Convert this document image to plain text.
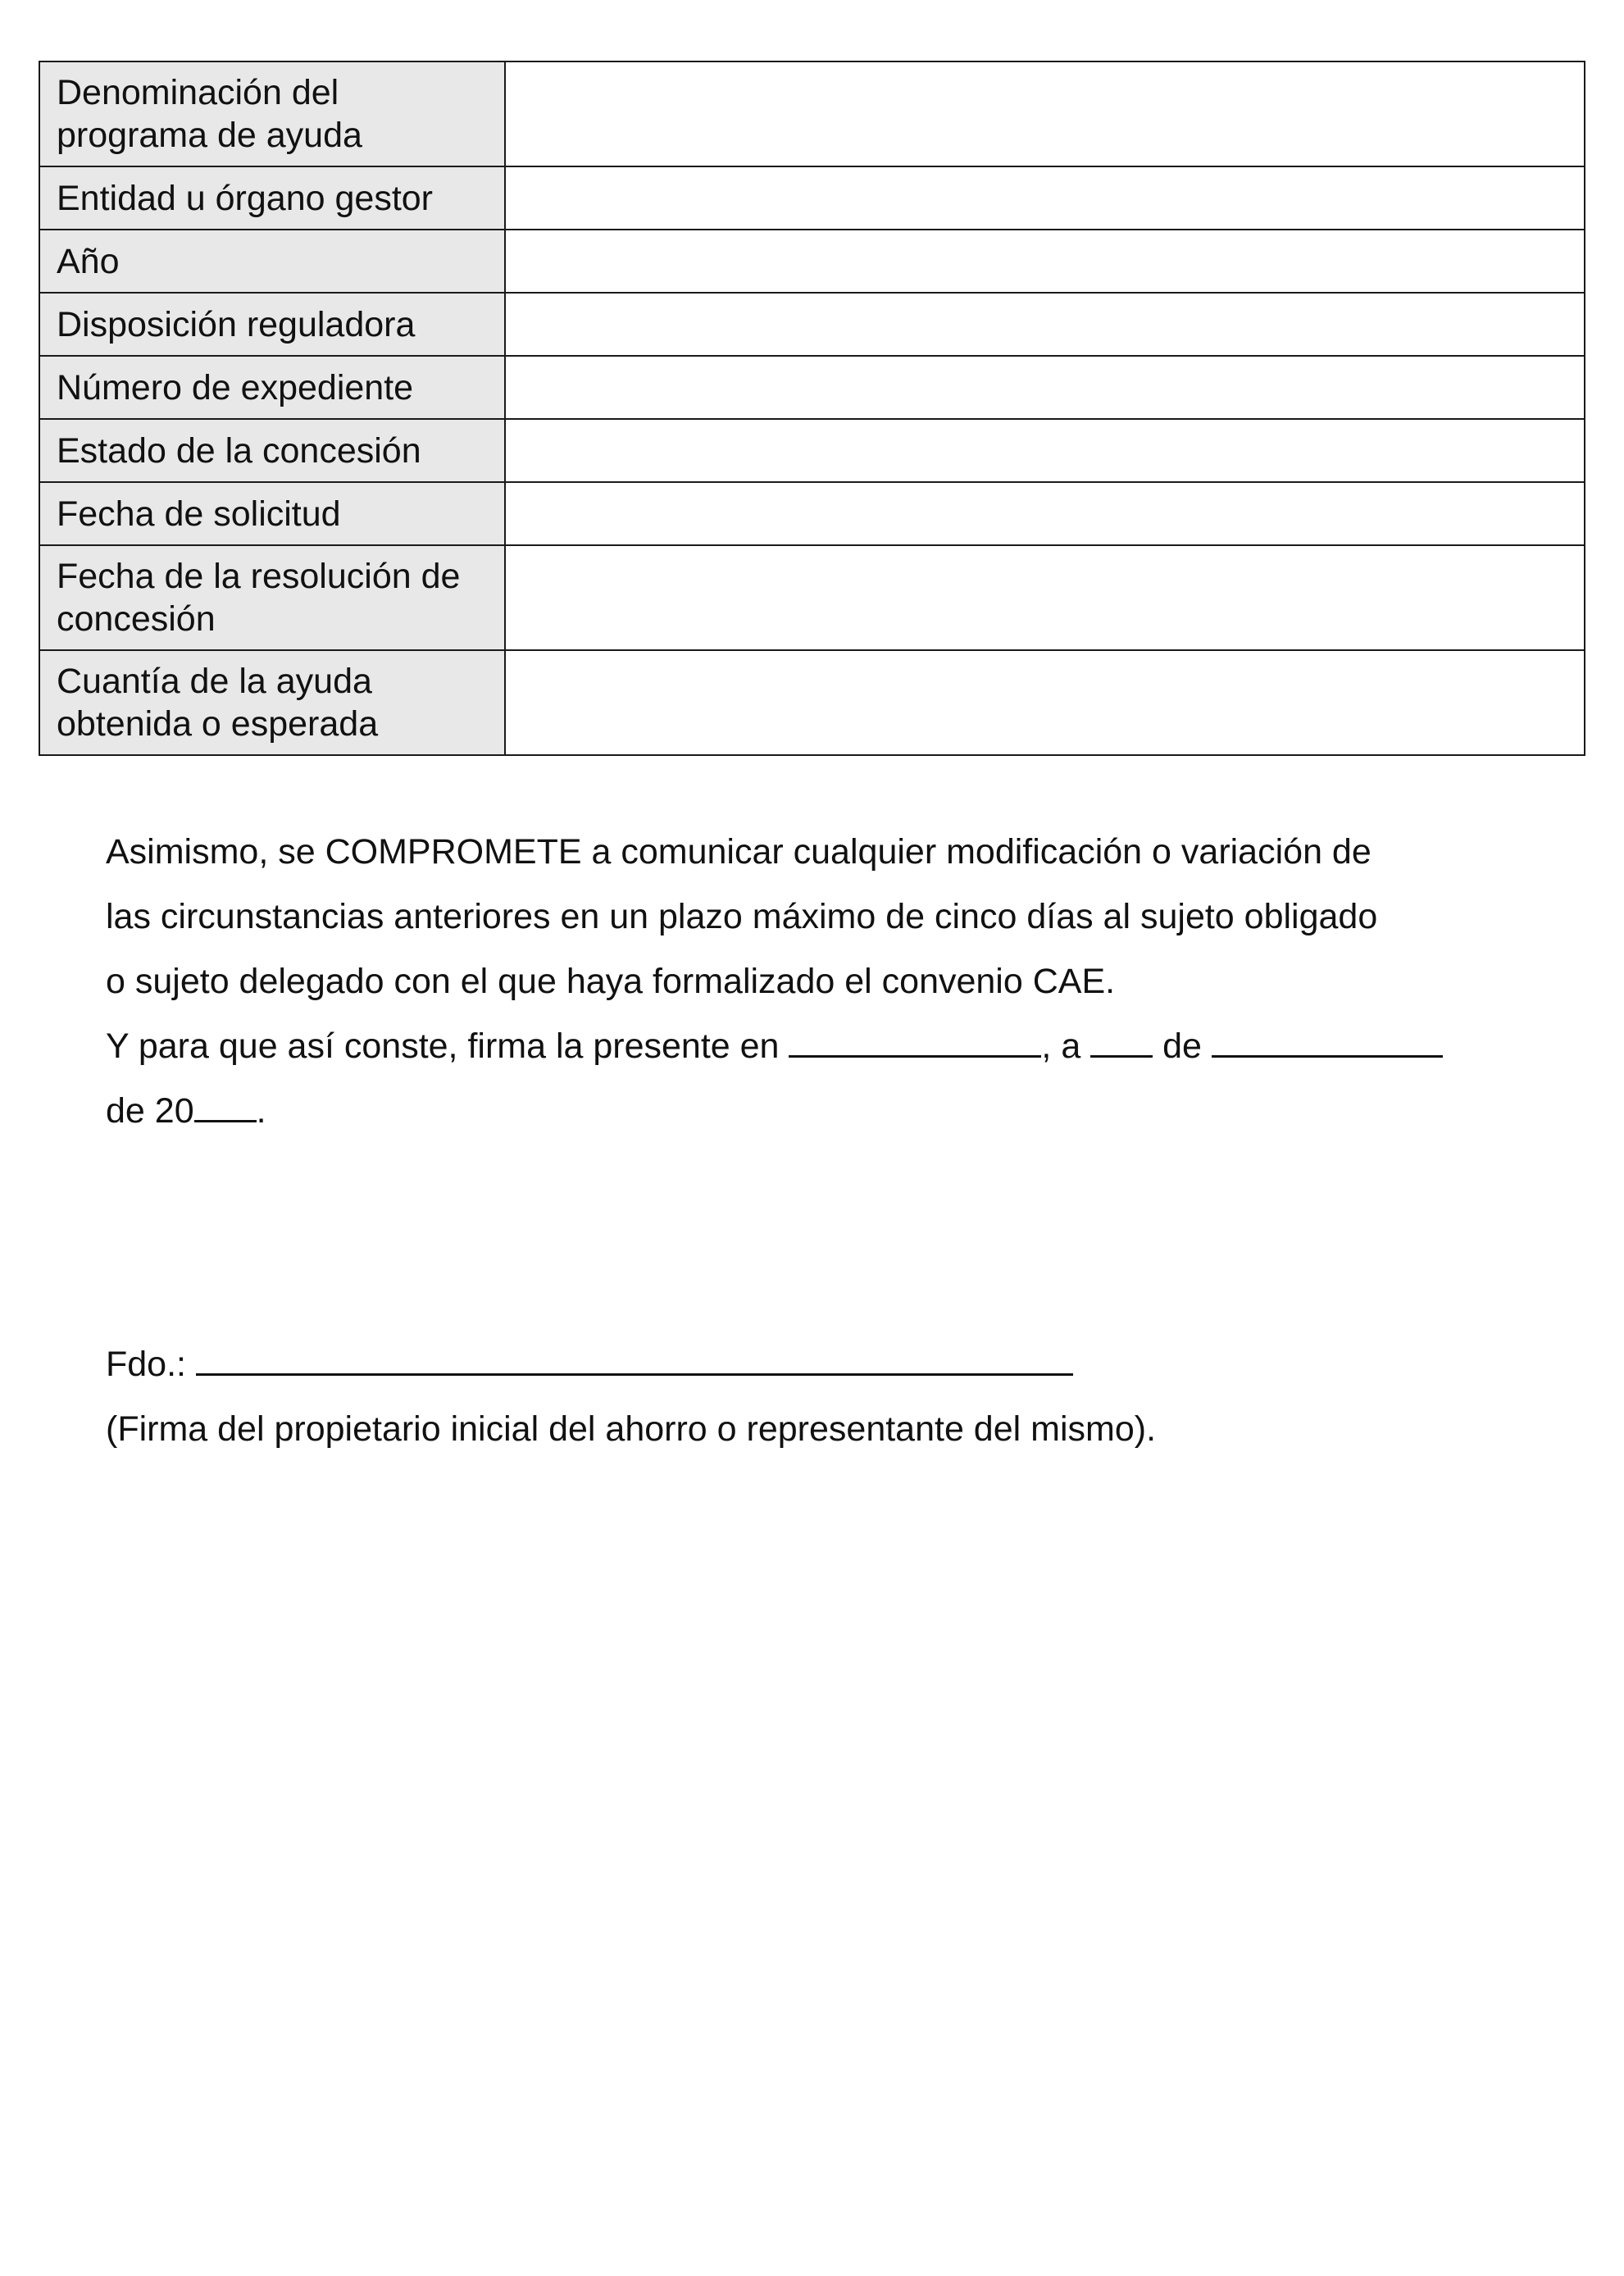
Denominación del programa de ayuda	
Entidad u órgano gestor	
Año	
Disposición reguladora	
Número de expediente	
Estado de la concesión	
Fecha de solicitud	
Fecha de la resolución de concesión	
Cuantía de la ayuda obtenida o esperada	

Asimismo, se COMPROMETE a comunicar cualquier modificación o variación de

las circunstancias anteriores en un plazo máximo de cinco días al sujeto obligado

o sujeto delegado con el que haya formalizado el convenio CAE.

Y para que así conste, firma la presente en	, a  de

de 20 .

Fdo.:

(Firma del propietario inicial del ahorro o representante del mismo).
